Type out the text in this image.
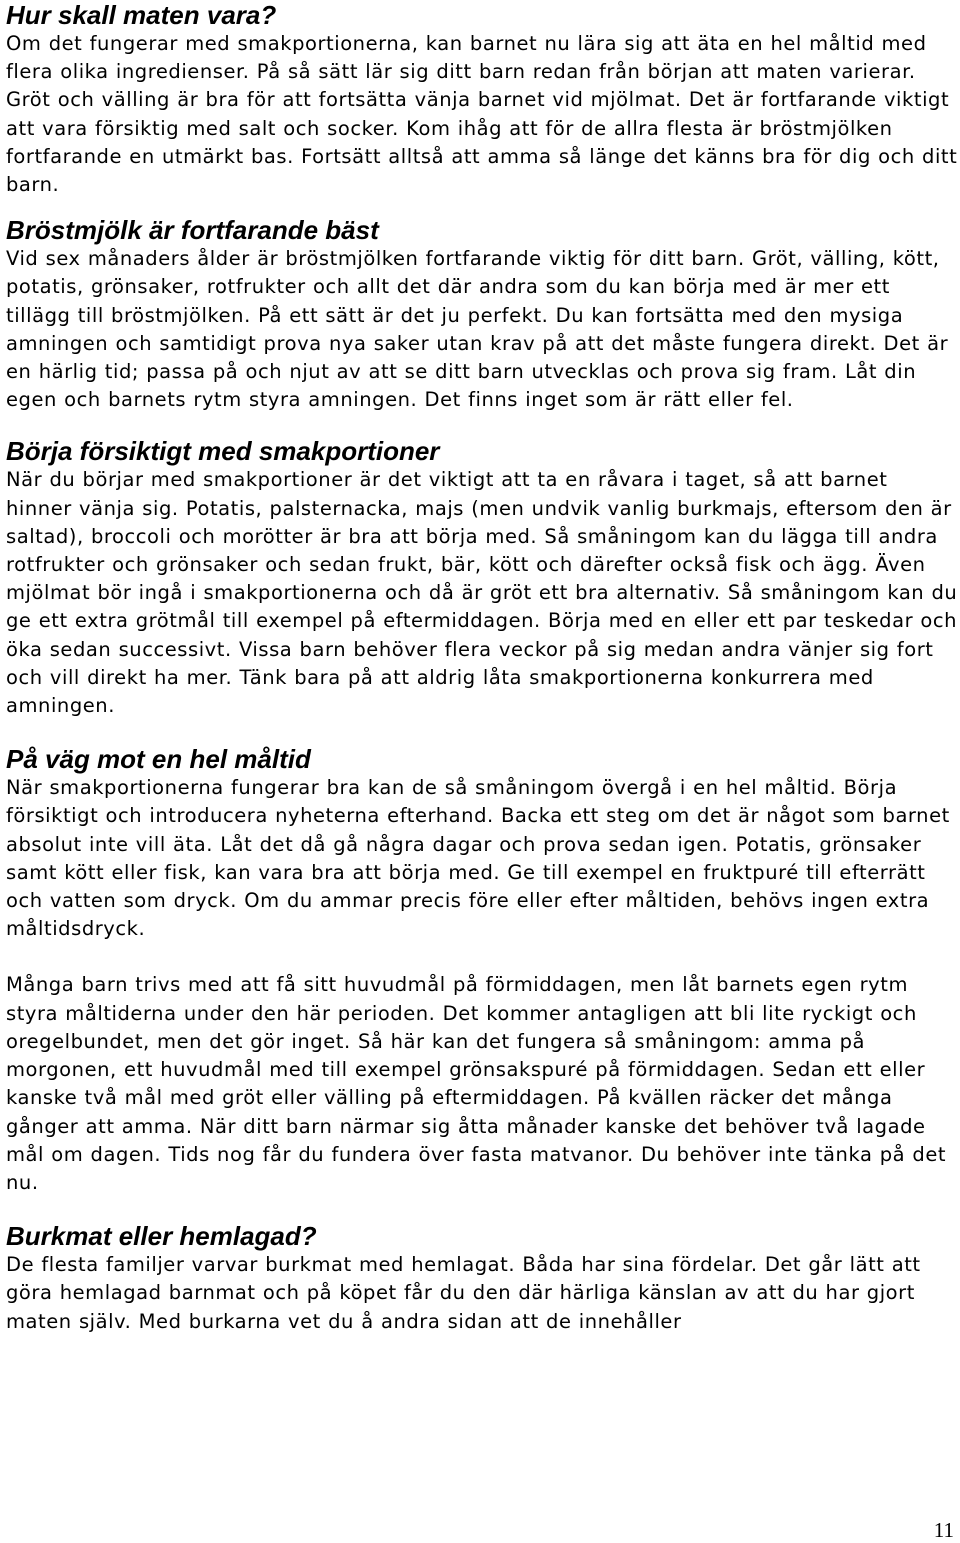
Hur skall maten vara?

Om det fungerar med smakportionerna, kan barnet nu lära sig att äta en hel måltid med flera olika ingredienser. På så sätt lär sig ditt barn redan från början att maten varierar. Gröt och välling är bra för att fortsätta vänja barnet vid mjölmat. Det är fortfarande viktigt att vara försiktig med salt och socker. Kom ihåg att för de allra flesta är bröstmjölken fortfarande en utmärkt bas. Fortsätt alltså att amma så länge det känns bra för dig och ditt barn.

Bröstmjölk är fortfarande bäst

Vid sex månaders ålder är bröstmjölken fortfarande viktig för ditt barn. Gröt, välling, kött, potatis, grönsaker, rotfrukter och allt det där andra som du kan börja med är mer ett tillägg till bröstmjölken. På ett sätt är det ju perfekt. Du kan fortsätta med den mysiga amningen och samtidigt prova nya saker utan krav på att det måste fungera direkt. Det är en härlig tid; passa på och njut av att se ditt barn utvecklas och prova sig fram. Låt din egen och barnets rytm styra amningen. Det finns inget som är rätt eller fel.

Börja försiktigt med smakportioner

När du börjar med smakportioner är det viktigt att ta en råvara i taget, så att barnet hinner vänja sig. Potatis, palsternacka, majs (men undvik vanlig burkmajs, eftersom den är saltad), broccoli och morötter är bra att börja med. Så småningom kan du lägga till andra rotfrukter och grönsaker och sedan frukt, bär, kött och därefter också fisk och ägg. Även mjölmat bör ingå i smakportionerna och då är gröt ett bra alternativ. Så småningom kan du ge ett extra grötmål till exempel på eftermiddagen. Börja med en eller ett par teskedar och öka sedan successivt. Vissa barn behöver flera veckor på sig medan andra vänjer sig fort och vill direkt ha mer. Tänk bara på att aldrig låta smakportionerna konkurrera med amningen.

På väg mot en hel måltid

När smakportionerna fungerar bra kan de så småningom övergå i en hel måltid. Börja försiktigt och introducera nyheterna efterhand. Backa ett steg om det är något som barnet absolut inte vill äta. Låt det då gå några dagar och prova sedan igen. Potatis, grönsaker samt kött eller fisk, kan vara bra att börja med. Ge till exempel en fruktpuré till efterrätt och vatten som dryck. Om du ammar precis före eller efter måltiden, behövs ingen extra måltidsdryck.

Många barn trivs med att få sitt huvudmål på förmiddagen, men låt barnets egen rytm styra måltiderna under den här perioden. Det kommer antagligen att bli lite ryckigt och oregelbundet, men det gör inget. Så här kan det fungera så småningom: amma på morgonen, ett huvudmål med till exempel grönsakspuré på förmiddagen. Sedan ett eller kanske två mål med gröt eller välling på eftermiddagen. På kvällen räcker det många gånger att amma. När ditt barn närmar sig åtta månader kanske det behöver två lagade mål om dagen. Tids nog får du fundera över fasta matvanor. Du behöver inte tänka på det nu.

Burkmat eller hemlagad?

De flesta familjer varvar burkmat med hemlagat. Båda har sina fördelar. Det går lätt att göra hemlagad barnmat och på köpet får du den där härliga känslan av att du har gjort maten själv. Med burkarna vet du å andra sidan att de innehåller

11
